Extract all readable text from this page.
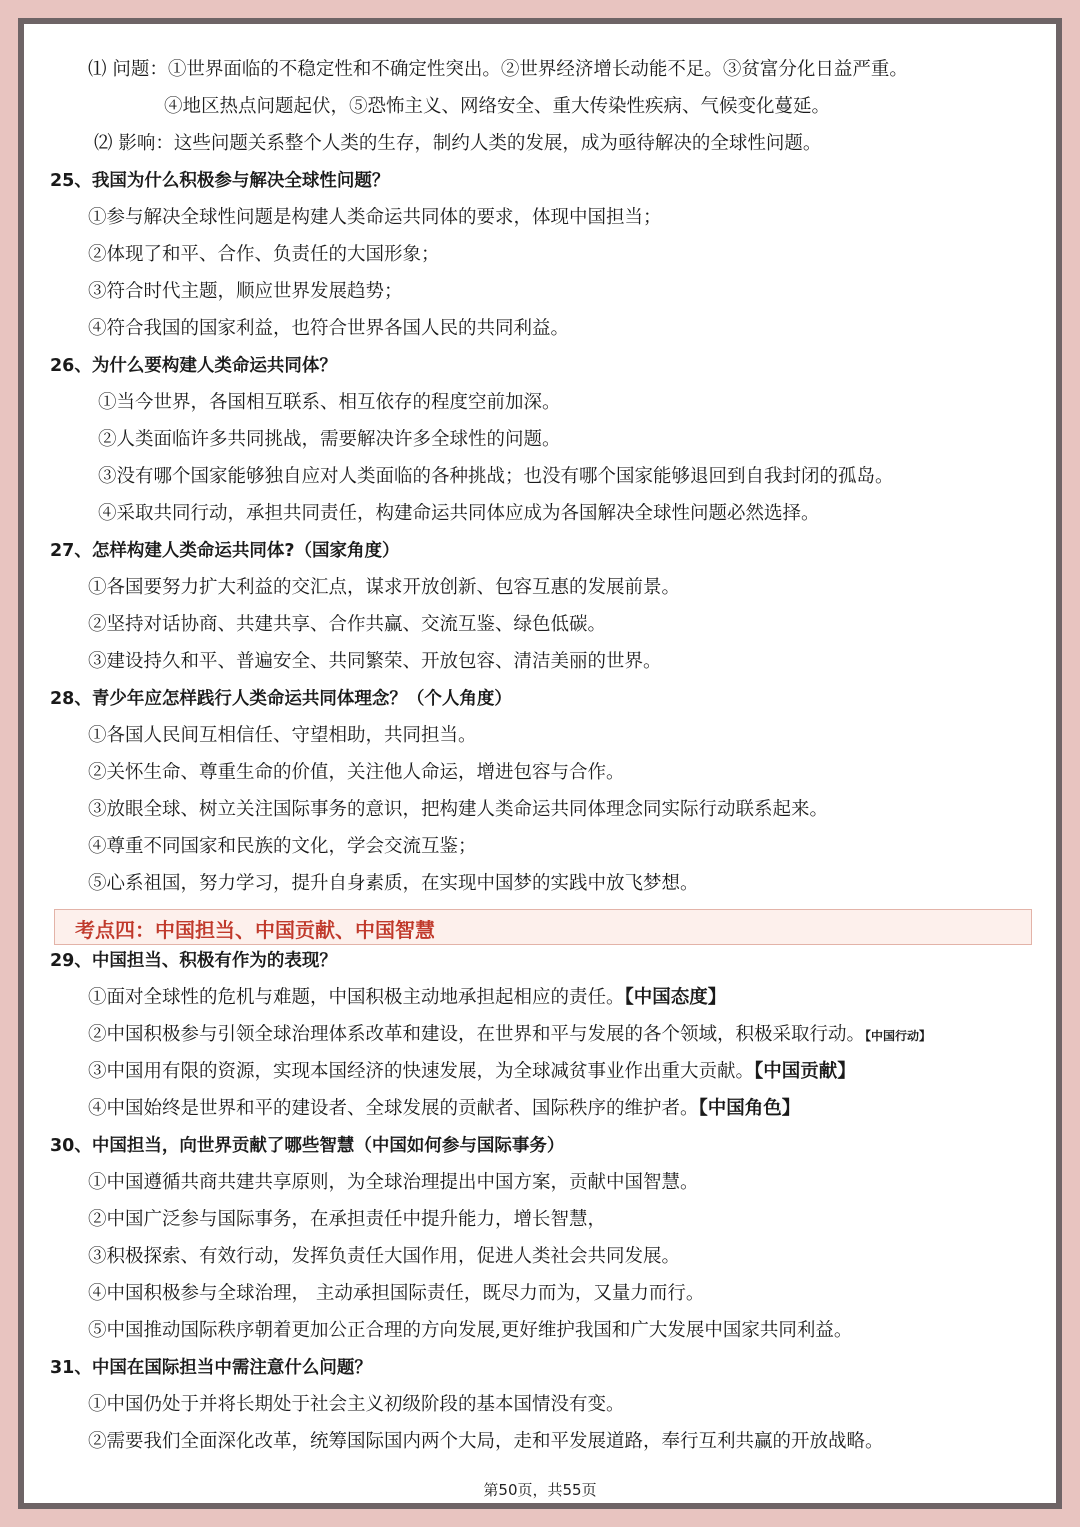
⑴ 问题：①世界面临的不稳定性和不确定性突出。②世界经济增长动能不足。③贫富分化日益严重。
④地区热点问题起伏，⑤恐怖主义、网络安全、重大传染性疾病、气候变化蔓延。
⑵ 影响：这些问题关系整个人类的生存，制约人类的发展，成为亟待解决的全球性问题。
25、我国为什么积极参与解决全球性问题？
①参与解决全球性问题是构建人类命运共同体的要求，体现中国担当；
②体现了和平、合作、负责任的大国形象；
③符合时代主题，顺应世界发展趋势；
④符合我国的国家利益，也符合世界各国人民的共同利益。
26、为什么要构建人类命运共同体？
①当今世界，各国相互联系、相互依存的程度空前加深。
②人类面临许多共同挑战，需要解决许多全球性的问题。
③没有哪个国家能够独自应对人类面临的各种挑战；也没有哪个国家能够退回到自我封闭的孤岛。
④采取共同行动，承担共同责任，构建命运共同体应成为各国解决全球性问题必然选择。
27、怎样构建人类命运共同体?（国家角度）
①各国要努力扩大利益的交汇点，谋求开放创新、包容互惠的发展前景。
②坚持对话协商、共建共享、合作共赢、交流互鉴、绿色低碳。
③建设持久和平、普遍安全、共同繁荣、开放包容、清洁美丽的世界。
28、青少年应怎样践行人类命运共同体理念？（个人角度）
①各国人民间互相信任、守望相助，共同担当。
②关怀生命、尊重生命的价值，关注他人命运，增进包容与合作。
③放眼全球、树立关注国际事务的意识，把构建人类命运共同体理念同实际行动联系起来。
④尊重不同国家和民族的文化，学会交流互鉴；
⑤心系祖国，努力学习，提升自身素质，在实现中国梦的实践中放飞梦想。
考点四：中国担当、中国贡献、中国智慧
29、中国担当、积极有作为的表现？
①面对全球性的危机与难题，中国积极主动地承担起相应的责任。【中国态度】
②中国积极参与引领全球治理体系改革和建设，在世界和平与发展的各个领域，积极采取行动。【中国行动】
③中国用有限的资源，实现本国经济的快速发展，为全球减贫事业作出重大贡献。【中国贡献】
④中国始终是世界和平的建设者、全球发展的贡献者、国际秩序的维护者。【中国角色】
30、中国担当，向世界贡献了哪些智慧（中国如何参与国际事务）
①中国遵循共商共建共享原则，为全球治理提出中国方案，贡献中国智慧。
②中国广泛参与国际事务，在承担责任中提升能力，增长智慧，
③积极探索、有效行动，发挥负责任大国作用，促进人类社会共同发展。
④中国积极参与全球治理， 主动承担国际责任，既尽力而为，又量力而行。
⑤中国推动国际秩序朝着更加公正合理的方向发展,更好维护我国和广大发展中国家共同利益。
31、中国在国际担当中需注意什么问题？
①中国仍处于并将长期处于社会主义初级阶段的基本国情没有变。
②需要我们全面深化改革，统筹国际国内两个大局，走和平发展道路，奉行互利共赢的开放战略。
第50页，共55页
